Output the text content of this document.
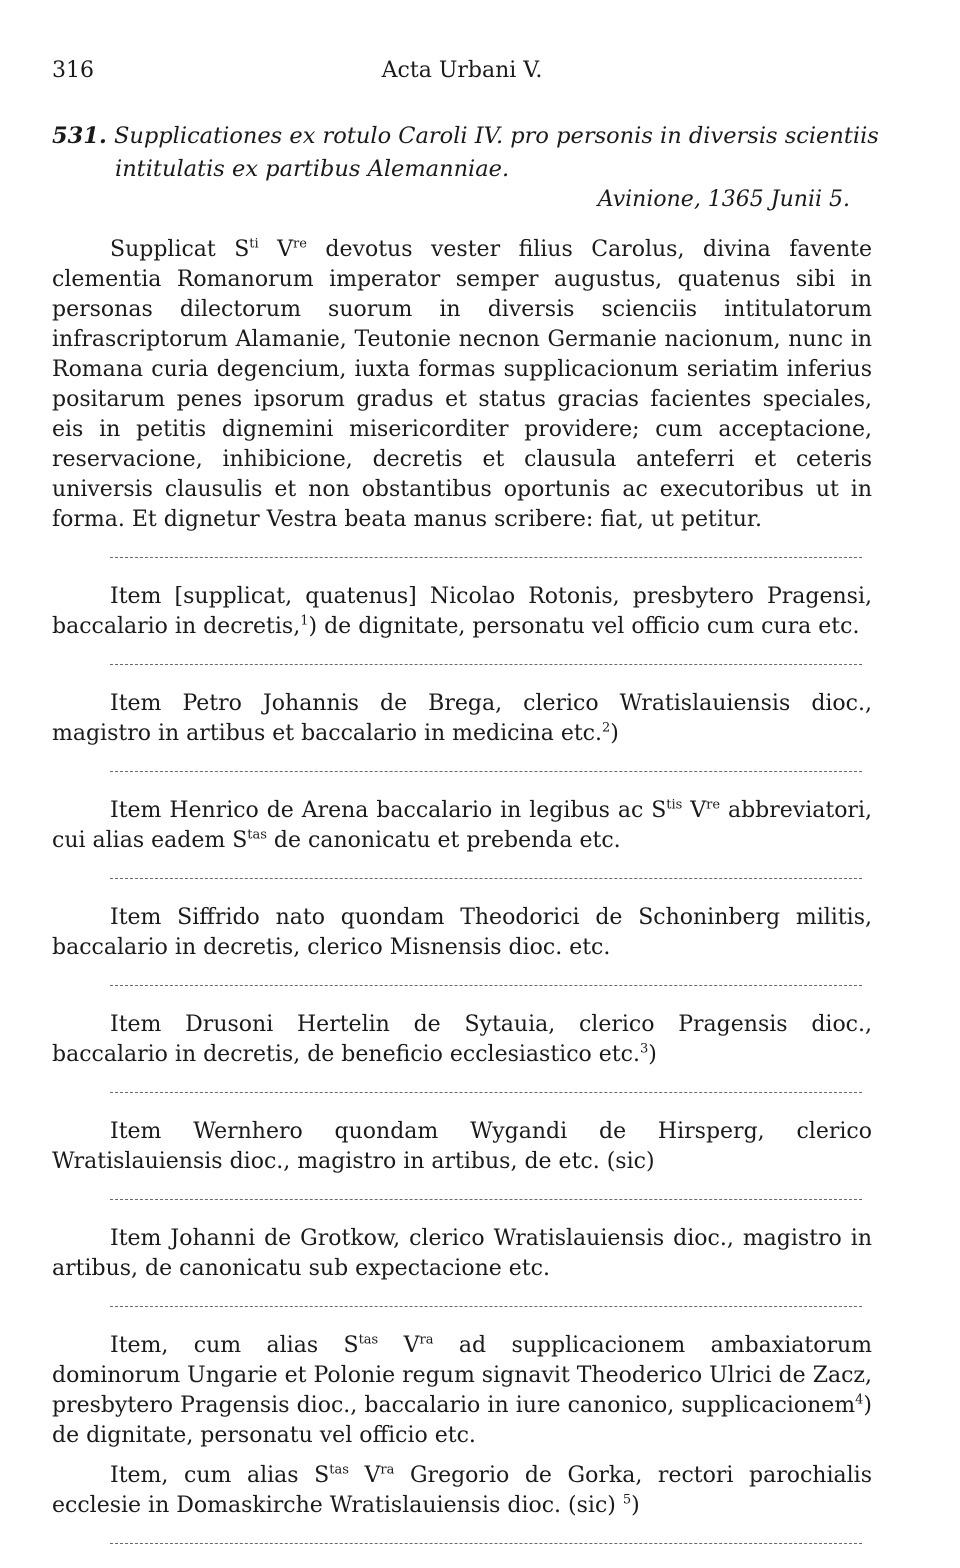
316	Acta Urbani V.
531. Supplicationes ex rotulo Caroli IV. pro personis in diversis scientiis intitulatis ex partibus Alemanniae.
Avinione, 1365 Junii 5.

Supplicat $S^{ti}$ Vre devotus vester filius Carolus, divina favente clementia Romanorum imperator semper augustus, quatenus sibi in personas dilectorum suorum in diversis scienciis intitulatorum infrascriptorum Alamanie, Teutonie necnon Germanie nacionum, nunc in Romana curia degencium, iuxta formas supplicacionum seriatim inferius positarum penes ipsorum gradus et status gracias facientes speciales, eis in petitis dignemini misericorditer providere; cum acceptacione, reservacione, inhibicione, decretis et clausula anteferri et ceteris universis clausulis et non obstantibus oportunis ac executoribus ut in forma. Et dignetur Vestra beata manus scribere: fiat, ut petitur.

Item [supplicat, quatenus] Nicolao Rotonis, presbytero Pragensi, baccalario in decretis,$^1$) de dignitate, personatu vel officio cum cura etc.

Item Petro Johannis de Brega, clerico Wratislauiensis dioc., magistro in artibus et baccalario in medicina etc.$^2$)

Item Henrico de Arena baccalario in legibus ac $S^{tis}$ Vre abbreviatori, cui alias eadem $S^{tas}$ de canonicatu et prebenda etc.

Item Siffrido nato quondam Theodorici de Schoninberg militis, baccalario in decretis, clerico Misnensis dioc. etc.

Item Drusoni Hertelin de Sytauia, clerico Pragensis dioc., baccalario in decretis, de beneficio ecclesiastico etc.$^3$)

Item Wernhero quondam Wygandi de Hirsperg, clerico Wratislauiensis dioc., magistro in artibus, de etc. (sic)

Item Johanni de Grotkow, clerico Wratislauiensis dioc., magistro in artibus, de canonicatu sub expectacione etc.

Item, cum alias $S^{tas}$ $V^{ra}$ ad supplicacionem ambaxiatorum dominorum Ungarie et Polonie regum signavit Theoderico Ulrici de Zacz, presbytero Pragensis dioc., baccalario in iure canonico, supplicacionem$^4$) de dignitate, personatu vel officio etc.

Item, cum alias $S^{tas}$ $V^{ra}$ Gregorio de Gorka, rectori parochialis ecclesie in Domaskirche Wratislauiensis dioc. (sic) $^5$)
